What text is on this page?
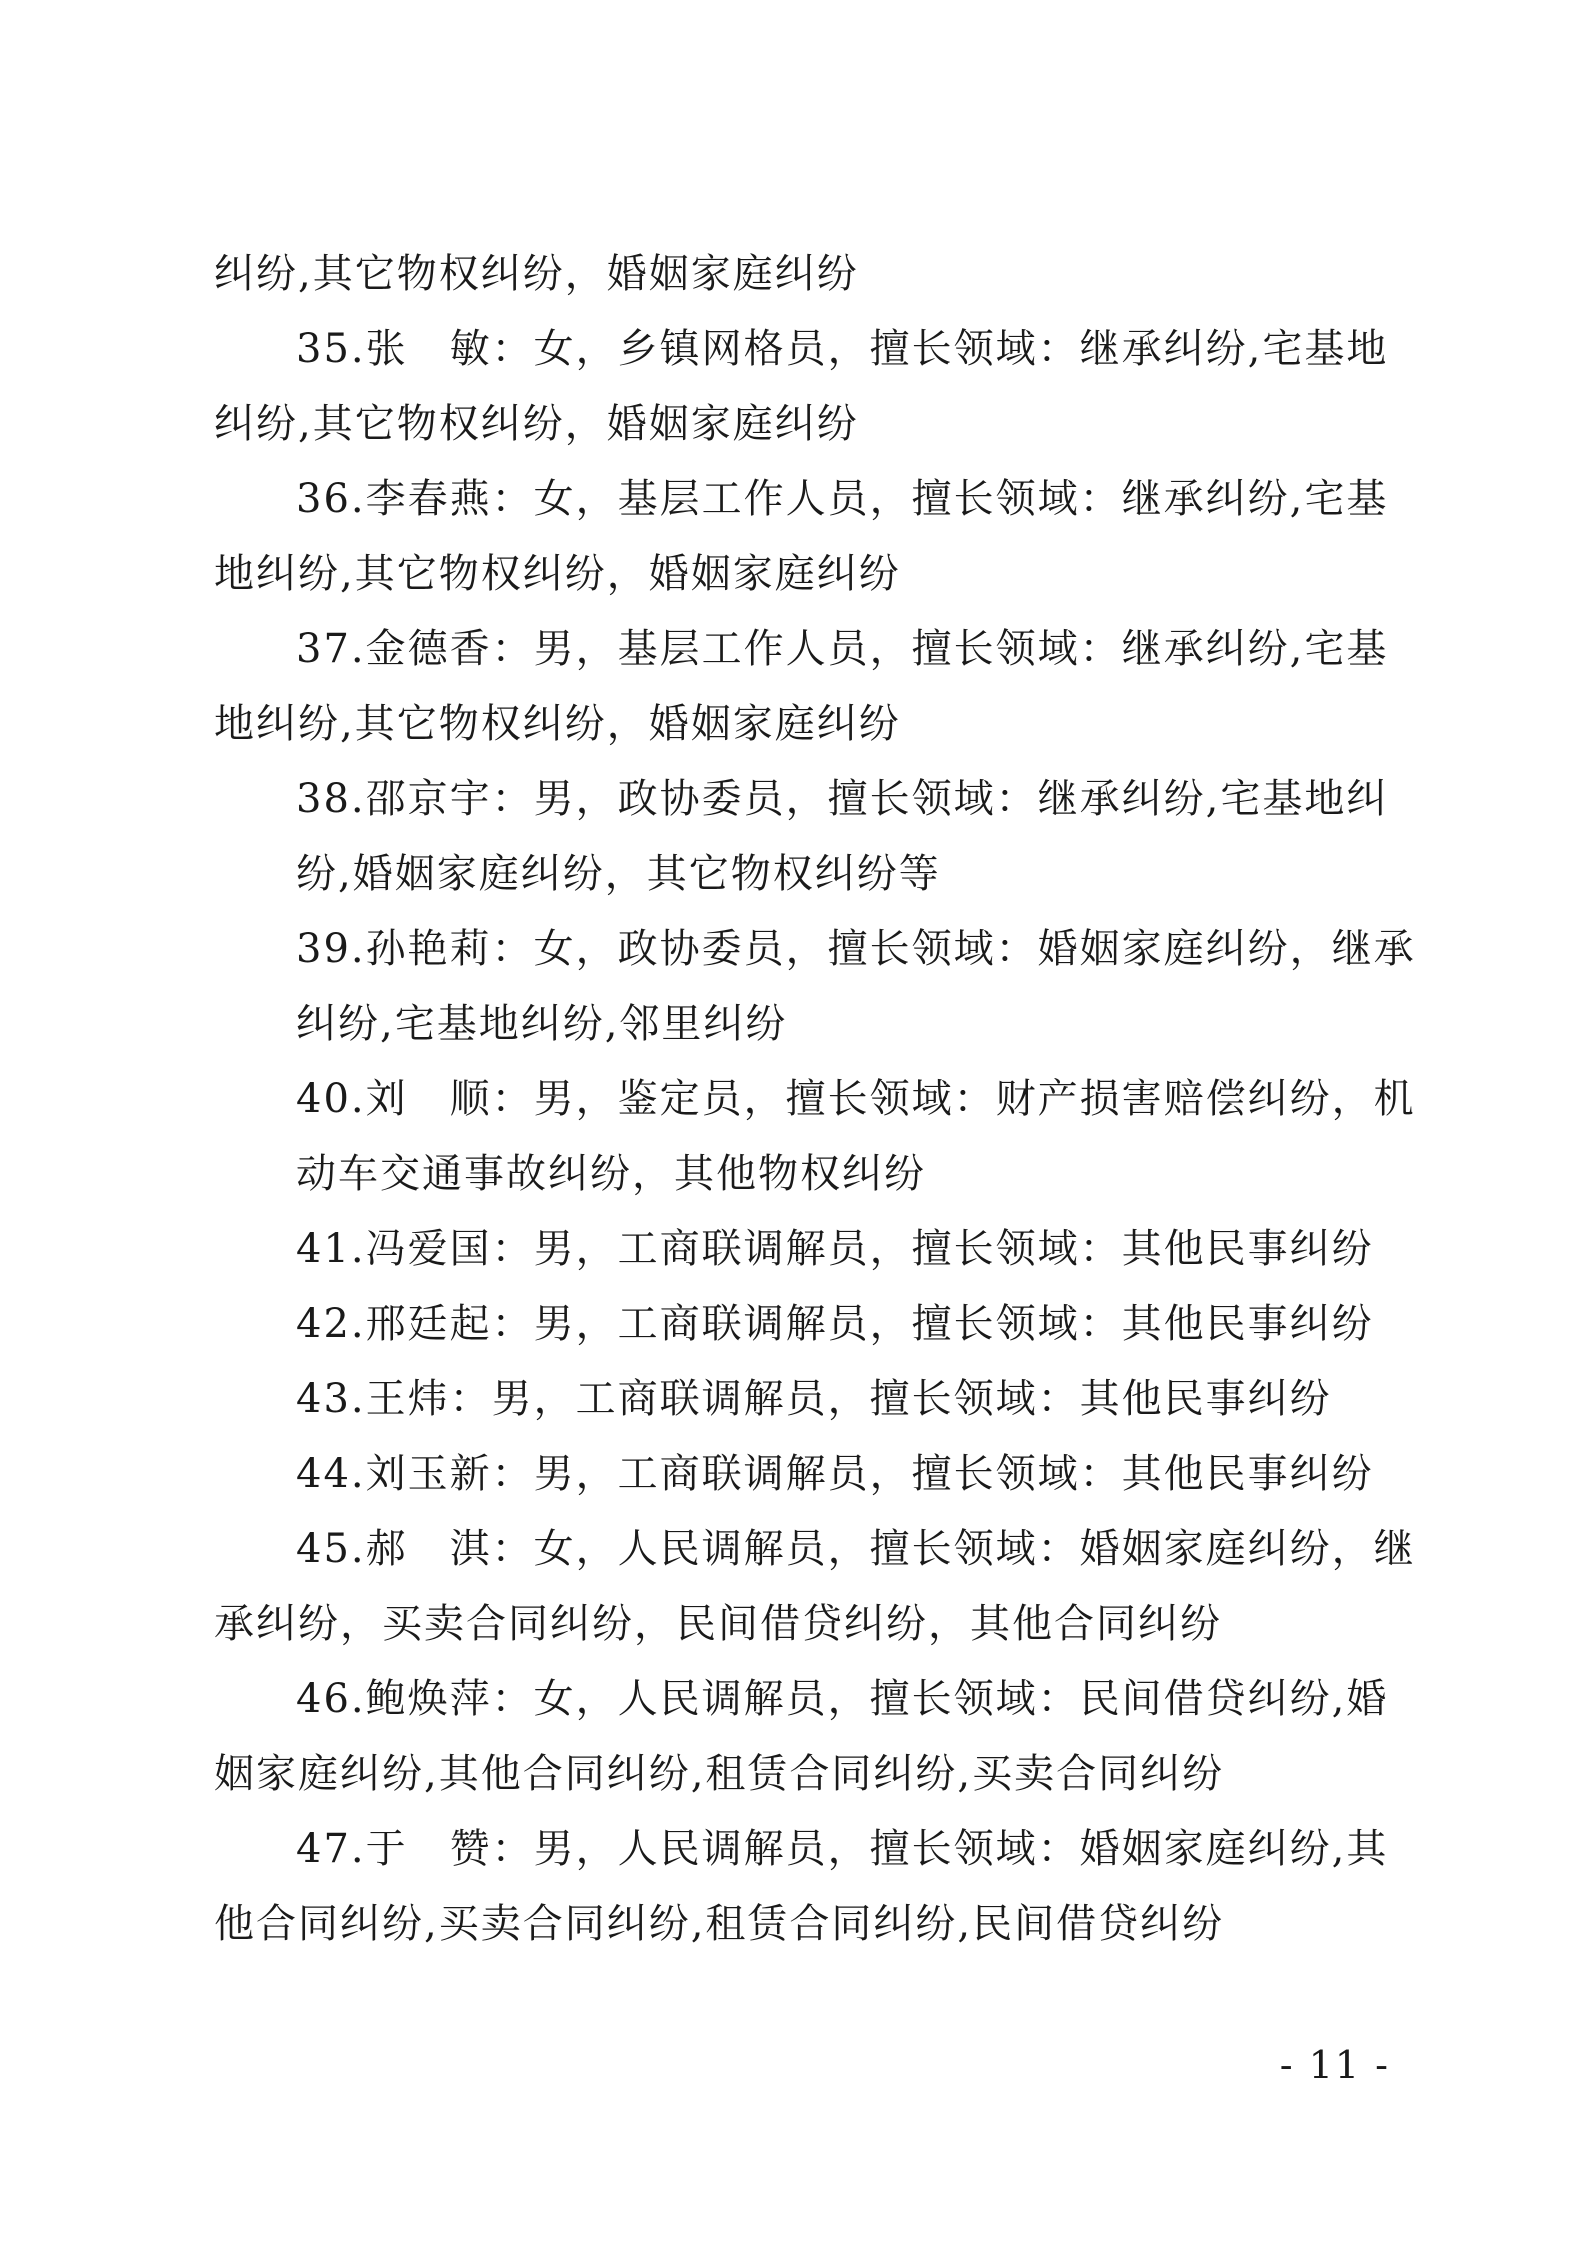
纠纷,其它物权纠纷，婚姻家庭纠纷
35.张　敏：女，乡镇网格员，擅长领域：继承纠纷,宅基地
纠纷,其它物权纠纷，婚姻家庭纠纷
36.李春燕：女，基层工作人员，擅长领域：继承纠纷,宅基
地纠纷,其它物权纠纷，婚姻家庭纠纷
37.金德香：男，基层工作人员，擅长领域：继承纠纷,宅基
地纠纷,其它物权纠纷，婚姻家庭纠纷
38.邵京宇：男，政协委员，擅长领域：继承纠纷,宅基地纠
纷,婚姻家庭纠纷，其它物权纠纷等
39.孙艳莉：女，政协委员，擅长领域：婚姻家庭纠纷，继承
纠纷,宅基地纠纷,邻里纠纷
40.刘　顺：男，鉴定员，擅长领域：财产损害赔偿纠纷，机
动车交通事故纠纷，其他物权纠纷
41.冯爱国：男，工商联调解员，擅长领域：其他民事纠纷
42.邢廷起：男，工商联调解员，擅长领域：其他民事纠纷
43.王炜：男，工商联调解员，擅长领域：其他民事纠纷
44.刘玉新：男，工商联调解员，擅长领域：其他民事纠纷
45.郝　淇：女，人民调解员，擅长领域：婚姻家庭纠纷，继
承纠纷，买卖合同纠纷，民间借贷纠纷，其他合同纠纷
46.鲍焕萍：女，人民调解员，擅长领域：民间借贷纠纷,婚
姻家庭纠纷,其他合同纠纷,租赁合同纠纷,买卖合同纠纷
47.于　赞：男，人民调解员，擅长领域：婚姻家庭纠纷,其
他合同纠纷,买卖合同纠纷,租赁合同纠纷,民间借贷纠纷
- 11 -
